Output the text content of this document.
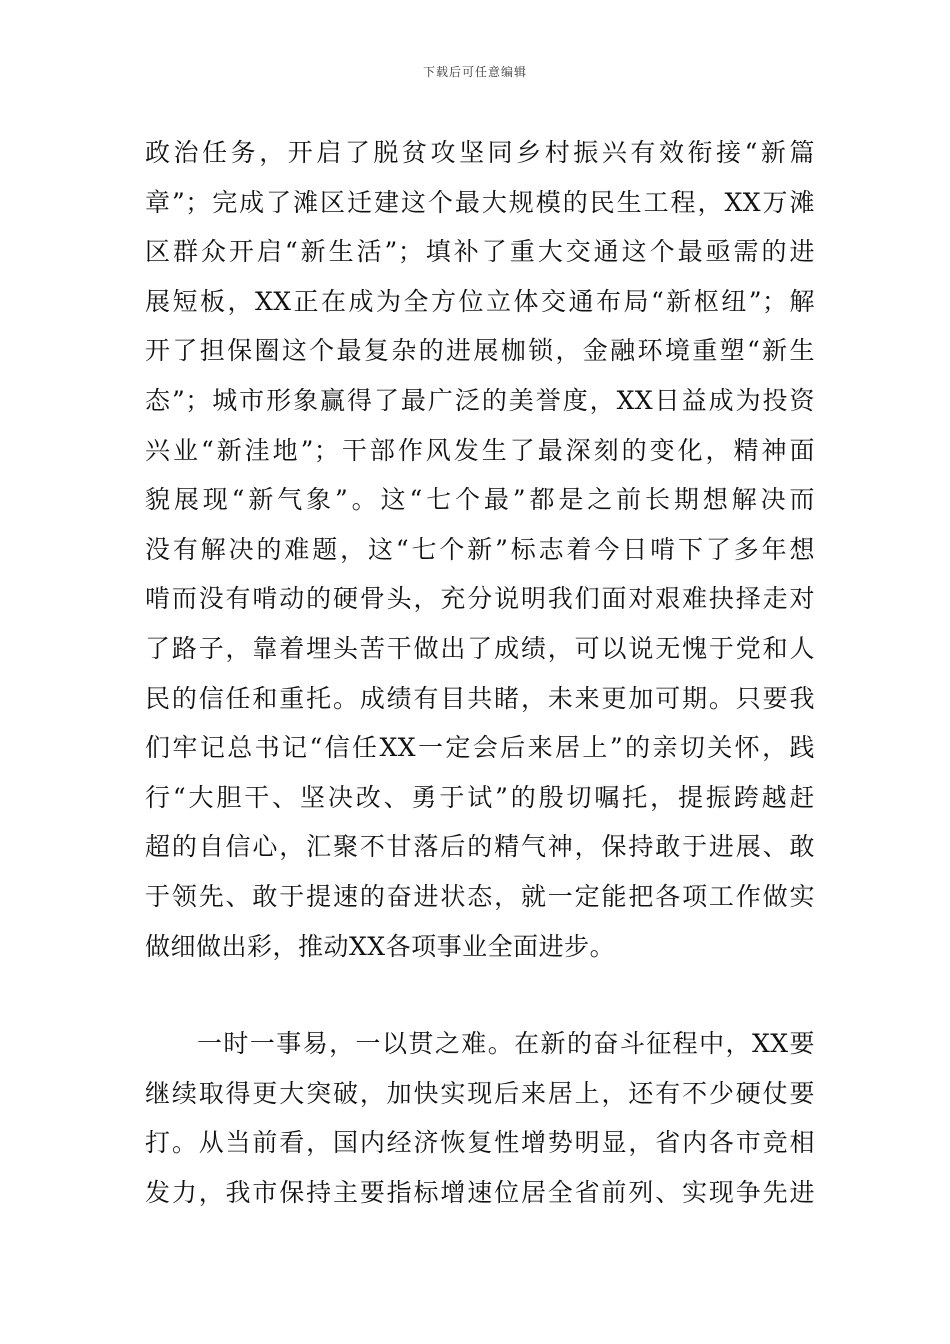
下载后可任意编辑
政治任务，开启了脱贫攻坚同乡村振兴有效衔接“新篇
章”；完成了滩区迁建这个最大规模的民生工程，XX万滩
区群众开启“新生活”；填补了重大交通这个最亟需的进
展短板，XX正在成为全方位立体交通布局“新枢纽”；解
开了担保圈这个最复杂的进展枷锁，金融环境重塑“新生
态”；城市形象赢得了最广泛的美誉度，XX日益成为投资
兴业“新洼地”；干部作风发生了最深刻的变化，精神面
貌展现“新气象”。这“七个最”都是之前长期想解决而
没有解决的难题，这“七个新”标志着今日啃下了多年想
啃而没有啃动的硬骨头，充分说明我们面对艰难抉择走对
了路子，靠着埋头苦干做出了成绩，可以说无愧于党和人
民的信任和重托。成绩有目共睹，未来更加可期。只要我
们牢记总书记“信任XX一定会后来居上”的亲切关怀，践
行“大胆干、坚决改、勇于试”的殷切嘱托，提振跨越赶
超的自信心，汇聚不甘落后的精气神，保持敢于进展、敢
于领先、敢于提速的奋进状态，就一定能把各项工作做实
做细做出彩，推动XX各项事业全面进步。
一时一事易，一以贯之难。在新的奋斗征程中，XX要
继续取得更大突破，加快实现后来居上，还有不少硬仗要
打。从当前看，国内经济恢复性增势明显，省内各市竞相
发力，我市保持主要指标增速位居全省前列、实现争先进
